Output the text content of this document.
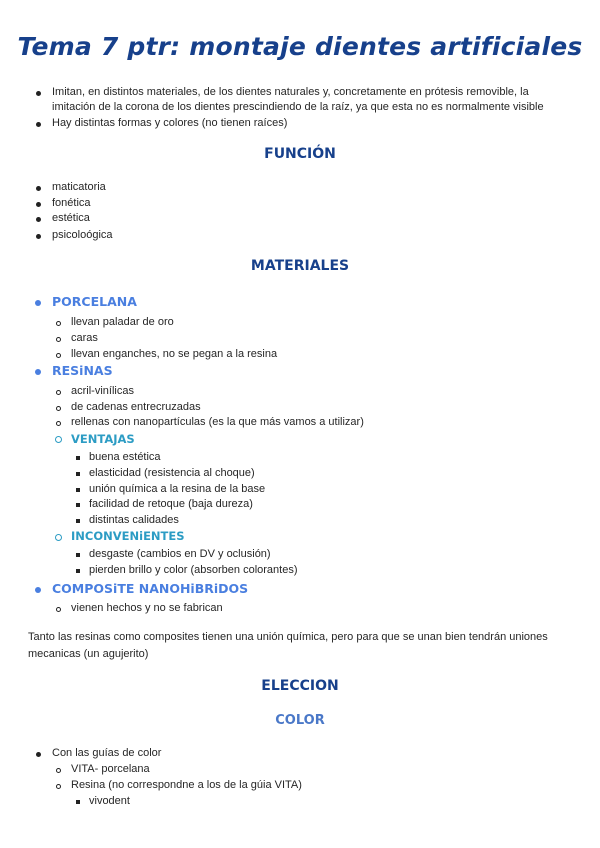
Tema 7 ptr: montaje dientes artificiales
Imitan, en distintos materiales, de los dientes naturales y, concretamente en prótesis removible, la
imitación de la corona de los dientes prescindiendo de la raíz, ya que esta no es normalmente visible
Hay distintas formas y colores (no tienen raíces)
FUNCIÓN
maticatoria
fonética
estética
psicoloógica
MATERIALES
PORCELANA
llevan paladar de oro
caras
llevan enganches, no se pegan a la resina
RESiNAS
acril-vinílicas
de cadenas entrecruzadas
rellenas con nanopartículas (es la que más vamos a utilizar)
VENTAJAS
buena estética
elasticidad (resistencia al choque)
unión química a la resina de la base
facilidad de retoque (baja dureza)
distintas calidades
INCONVENiENTES
desgaste (cambios en DV y oclusión)
pierden brillo y color (absorben colorantes)
COMPOSiTE NANOHiBRiDOS
vienen hechos y no se fabrican
Tanto las resinas como composites tienen una unión química, pero para que se unan bien tendrán uniones
mecanicas (un agujerito)
ELECCION
COLOR
Con las guías de color
VITA- porcelana
Resina (no correspondne a los de la gúia VITA)
vivodent
